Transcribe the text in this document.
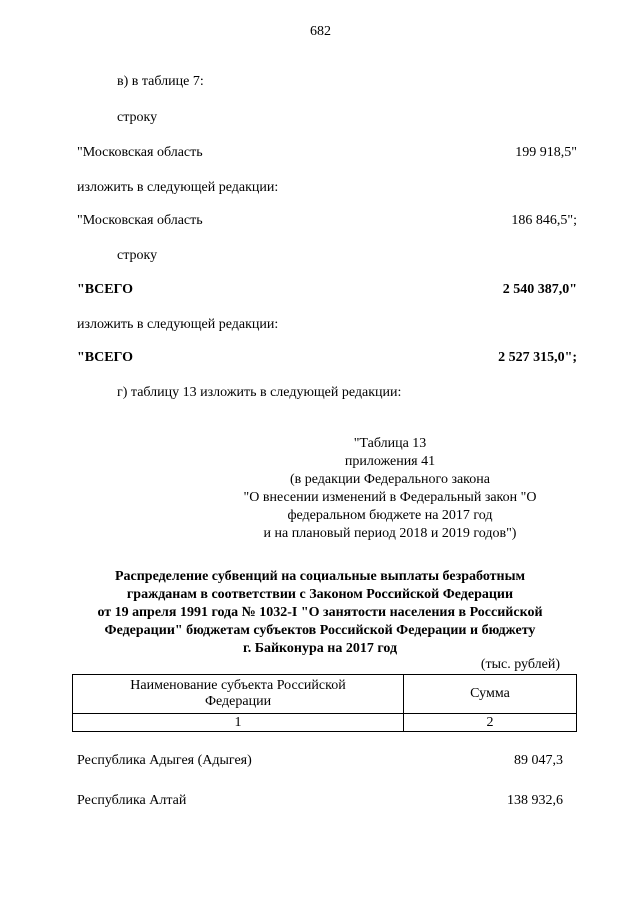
682
в) в таблице 7:
строку
"Московская область	199 918,5"
изложить в следующей редакции:
"Московская область	186 846,5";
строку
"ВСЕГО	2 540 387,0"
изложить в следующей редакции:
"ВСЕГО	2 527 315,0";
г) таблицу 13 изложить в следующей редакции:
"Таблица 13
приложения 41
(в редакции Федерального закона
"О внесении изменений в Федеральный закон "О
федеральном бюджете на 2017 год
и на плановый период 2018 и 2019 годов")
Распределение субвенций на социальные выплаты безработным
гражданам в соответствии с Законом Российской Федерации
от 19 апреля 1991 года № 1032-I "О занятости населения в Российской
Федерации" бюджетам субъектов Российской Федерации и бюджету
г. Байконура на 2017 год
(тыс. рублей)
Наименование субъекта Российской
Федерации	Сумма
1	2
Республика Адыгея (Адыгея)	89 047,3
Республика Алтай	138 932,6
